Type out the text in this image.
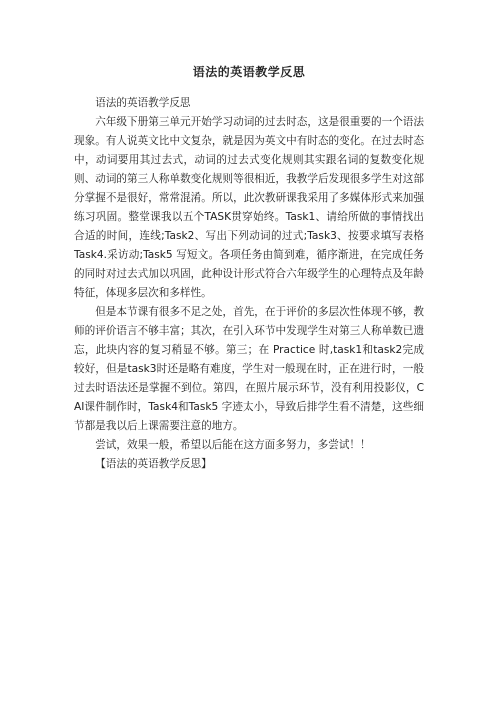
语法的英语教学反思

语法的英语教学反思

六年级下册第三单元开始学习动词的过去时态，这是很重要的一个语法现象。有人说英文比中文复杂，就是因为英文中有时态的变化。在过去时态中，动词要用其过去式，动词的过去式变化规则其实跟名词的复数变化规则、动词的第三人称单数变化规则等很相近，我教学后发现很多学生对这部分掌握不是很好，常常混淆。所以，此次教研课我采用了多媒体形式来加强练习巩固。整堂课我以五个TASK贯穿始终。Task1、请给所做的事情找出合适的时间，连线;Task2、写出下列动词的过式;Task3、按要求填写表格 Task4.采访动;Task5 写短文。各项任务由简到难，循序渐进，在完成任务的同时对过去式加以巩固，此种设计形式符合六年级学生的心理特点及年龄特征，体现多层次和多样性。

但是本节课有很多不足之处，首先，在于评价的多层次性体现不够，教师的评价语言不够丰富；其次，在引入环节中发现学生对第三人称单数已遗忘，此块内容的复习稍显不够。第三；在 Practice 时,task1和task2完成较好，但是task3时还是略有难度，学生对一般现在时，正在进行时，一般过去时语法还是掌握不到位。第四，在照片展示环节，没有利用投影仪，CAI课件制作时，Task4和Task5 字迹太小，导致后排学生看不清楚，这些细节都是我以后上课需要注意的地方。

尝试，效果一般，希望以后能在这方面多努力，多尝试！！

【语法的英语教学反思】
